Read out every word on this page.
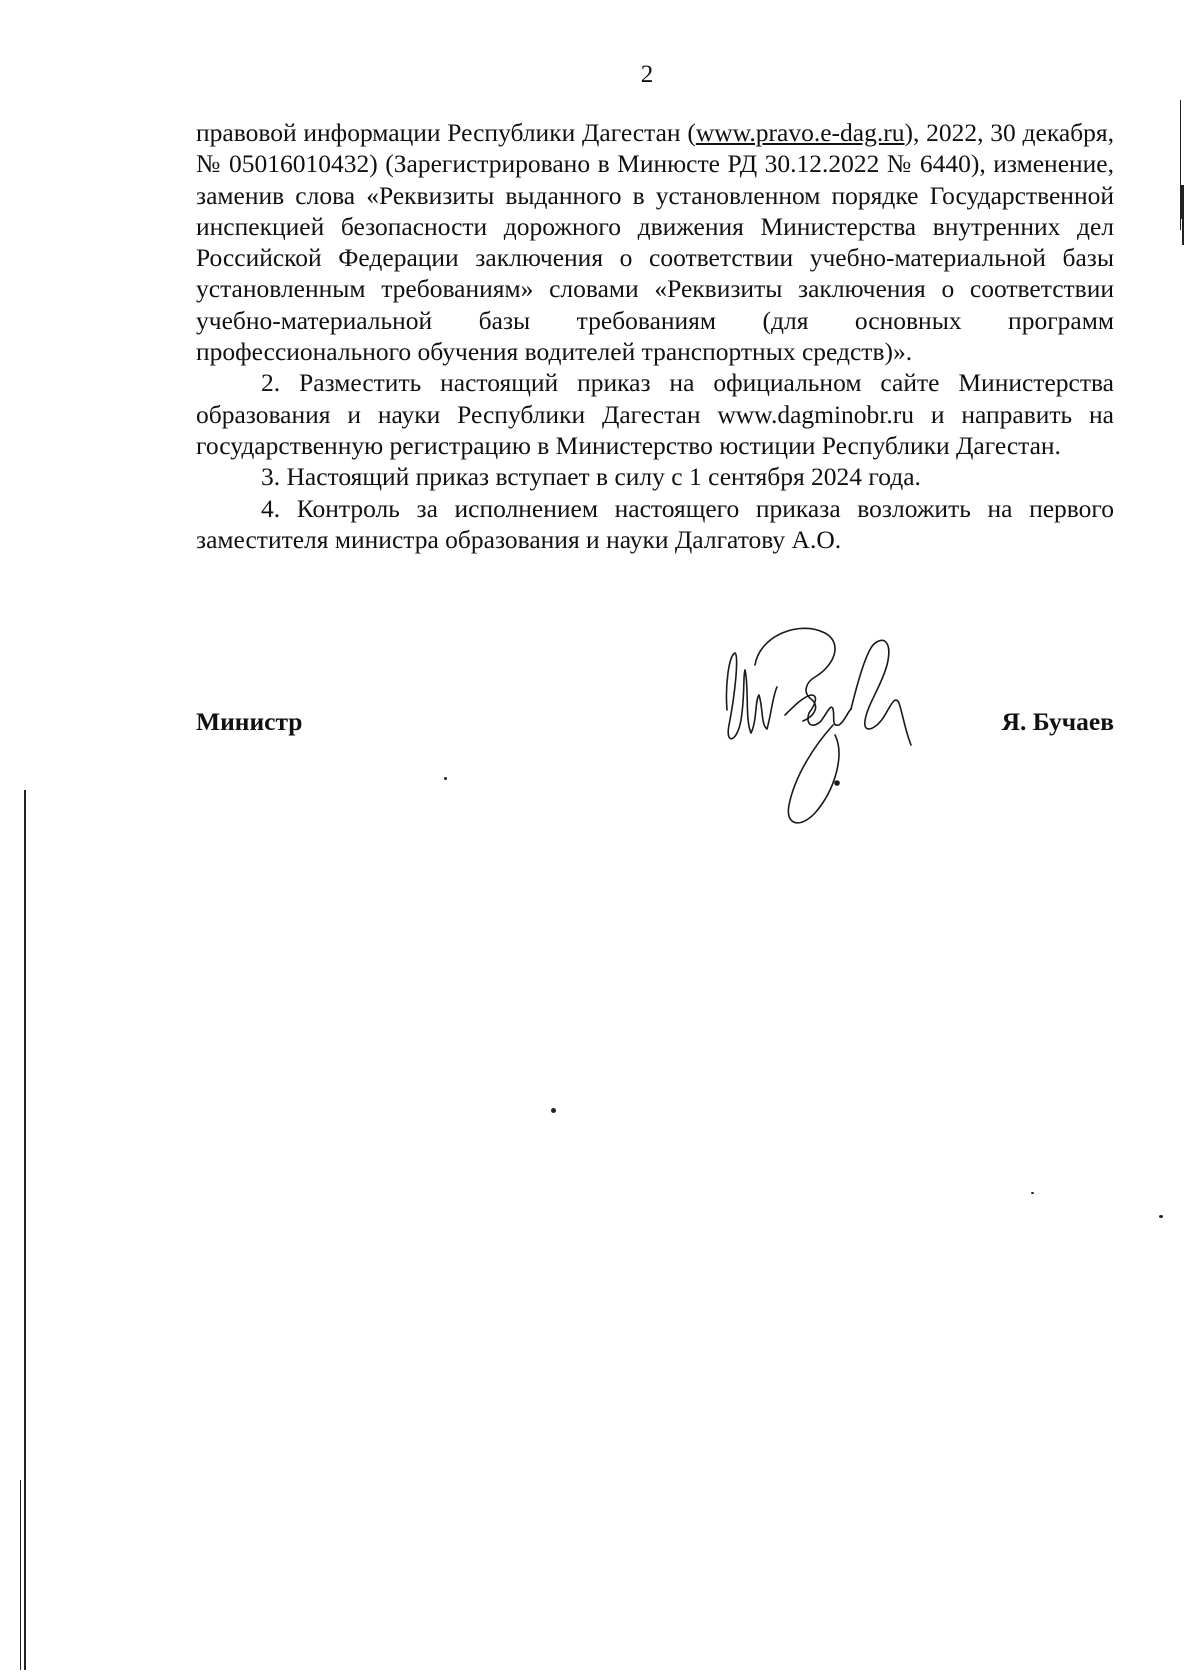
2

правовой информации Республики Дагестан (www.pravo.e-dag.ru), 2022, 30 декабря, № 05016010432) (Зарегистрировано в Минюсте РД 30.12.2022 № 6440), изменение, заменив слова «Реквизиты выданного в установленном порядке Государственной инспекцией безопасности дорожного движения Министерства внутренних дел Российской Федерации заключения о соответствии учебно-материальной базы установленным требованиям» словами «Реквизиты заключения о соответствии учебно-материальной базы требованиям (для основных программ профессионального обучения водителей транспортных средств)».

2. Разместить настоящий приказ на официальном сайте Министерства образования и науки Республики Дагестан www.dagminobr.ru и направить на государственную регистрацию в Министерство юстиции Республики Дагестан.

3. Настоящий приказ вступает в силу с 1 сентября 2024 года.

4. Контроль за исполнением настоящего приказа возложить на первого заместителя министра образования и науки Далгатову А.О.

Министр	Я. Бучаев
